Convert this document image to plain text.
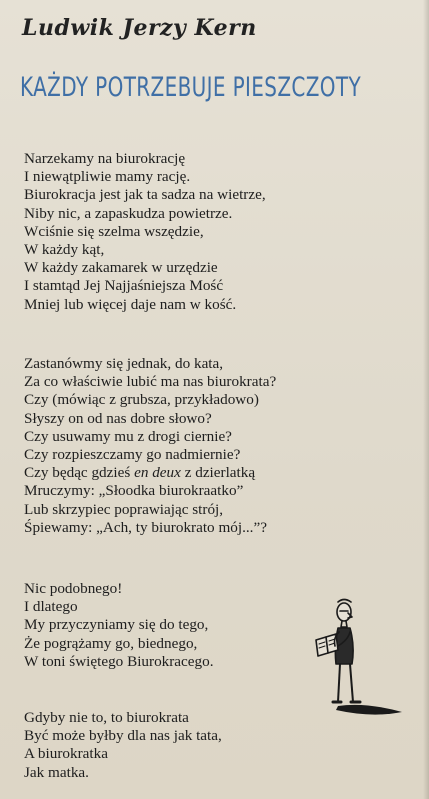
Ludwik Jerzy Kern
KAŻDY POTRZEBUJE PIESZCZOTY
Narzekamy na biurokrację
I niewątpliwie mamy rację.
Biurokracja jest jak ta sadza na wietrze,
Niby nic, a zapaskudza powietrze.
Wciśnie się szelma wszędzie,
W każdy kąt,
W każdy zakamarek w urzędzie
I stamtąd Jej Najjaśniejsza Mość
Mniej lub więcej daje nam w kość.
Zastanówmy się jednak, do kata,
Za co właściwie lubić ma nas biurokrata?
Czy (mówiąc z grubsza, przykładowo)
Słyszy on od nas dobre słowo?
Czy usuwamy mu z drogi ciernie?
Czy rozpieszczamy go nadmiernie?
Czy będąc gdzieś en deux z dzierlatką
Mruczymy: „Słoodka biurokraatko”
Lub skrzypiec poprawiając strój,
Śpiewamy: „Ach, ty biurokrato mój...”?
Nic podobnego!
I dlatego
My przyczyniamy się do tego,
Że pogrążamy go, biednego,
W toni świętego Biurokracego.
Gdyby nie to, to biurokrata
Być może byłby dla nas jak tata,
A biurokratka
Jak matka.
